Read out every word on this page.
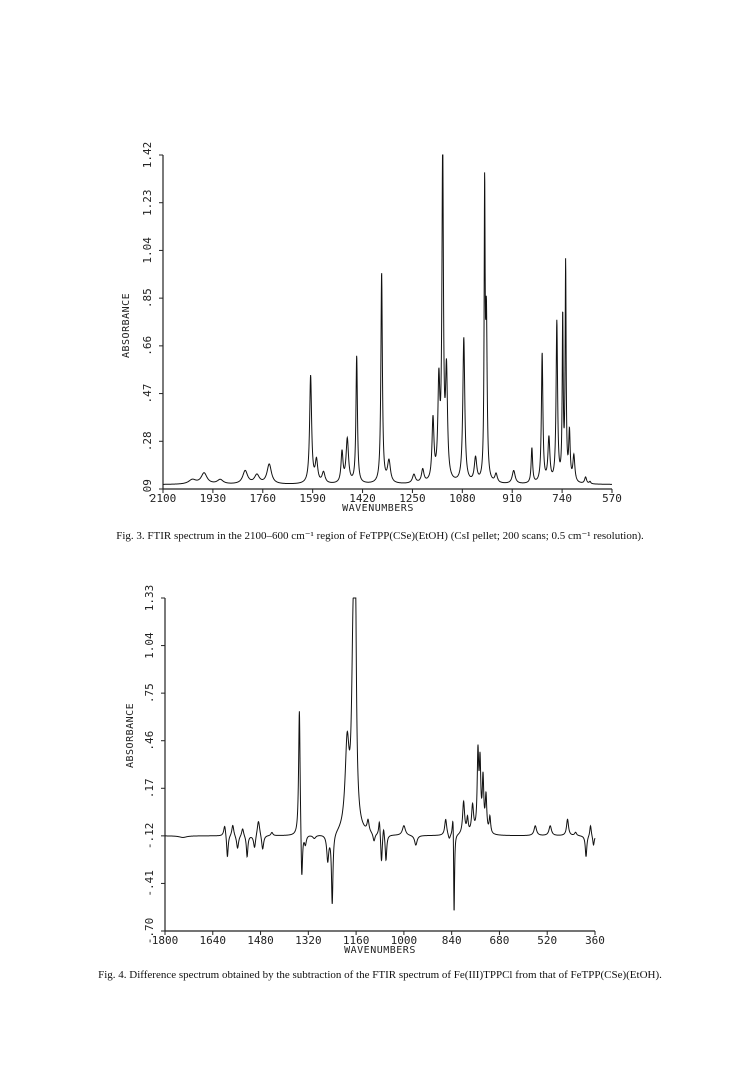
1.42
1.23
1.04
.85
.66
.47
.28
.09
2100 1930 1760 1590 1420 1250 1080 910	740	570
ABSORBANCE
WAVENUMBERS
1.33
1.04
.75
.46
.17
-.12
-.41
-.70
1800 1640 1480 1320 1160 1000 840	680	520	360
ABSORBANCE
WAVENUMBERS
Fig. 3. FTIR spectrum in the 2100–600 cm⁻¹ region of FeTPP(CSe)(EtOH) (CsI pellet; 200 scans; 0.5 cm⁻¹ resolution).
Fig. 4. Difference spectrum obtained by the subtraction of the FTIR spectrum of Fe(III)TPPCl from that of FeTPP(CSe)(EtOH).
